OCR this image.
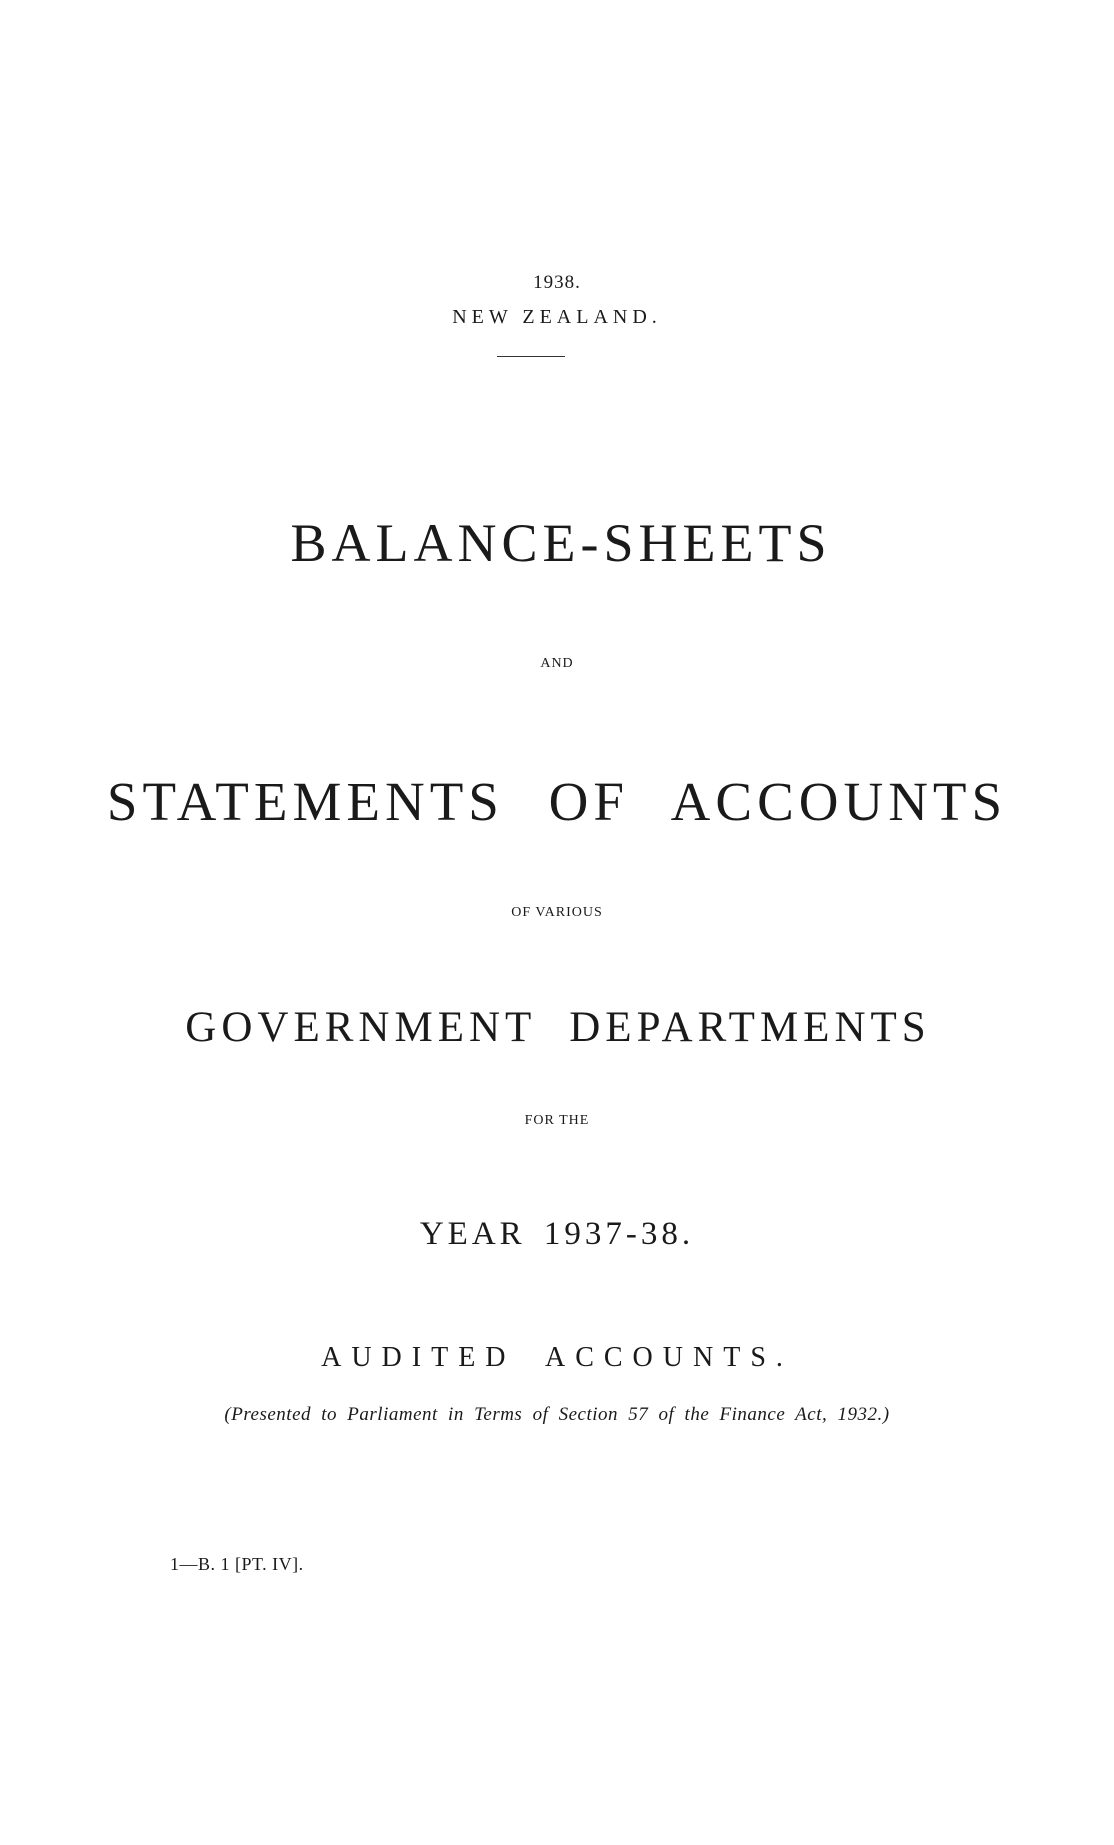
1938.
NEW ZEALAND.
BALANCE-SHEETS
AND
STATEMENTS OF ACCOUNTS
OF VARIOUS
GOVERNMENT DEPARTMENTS
FOR THE
YEAR 1937-38.
AUDITED ACCOUNTS.
(Presented to Parliament in Terms of Section 57 of the Finance Act, 1932.)
1—B. 1 [PT. IV].
